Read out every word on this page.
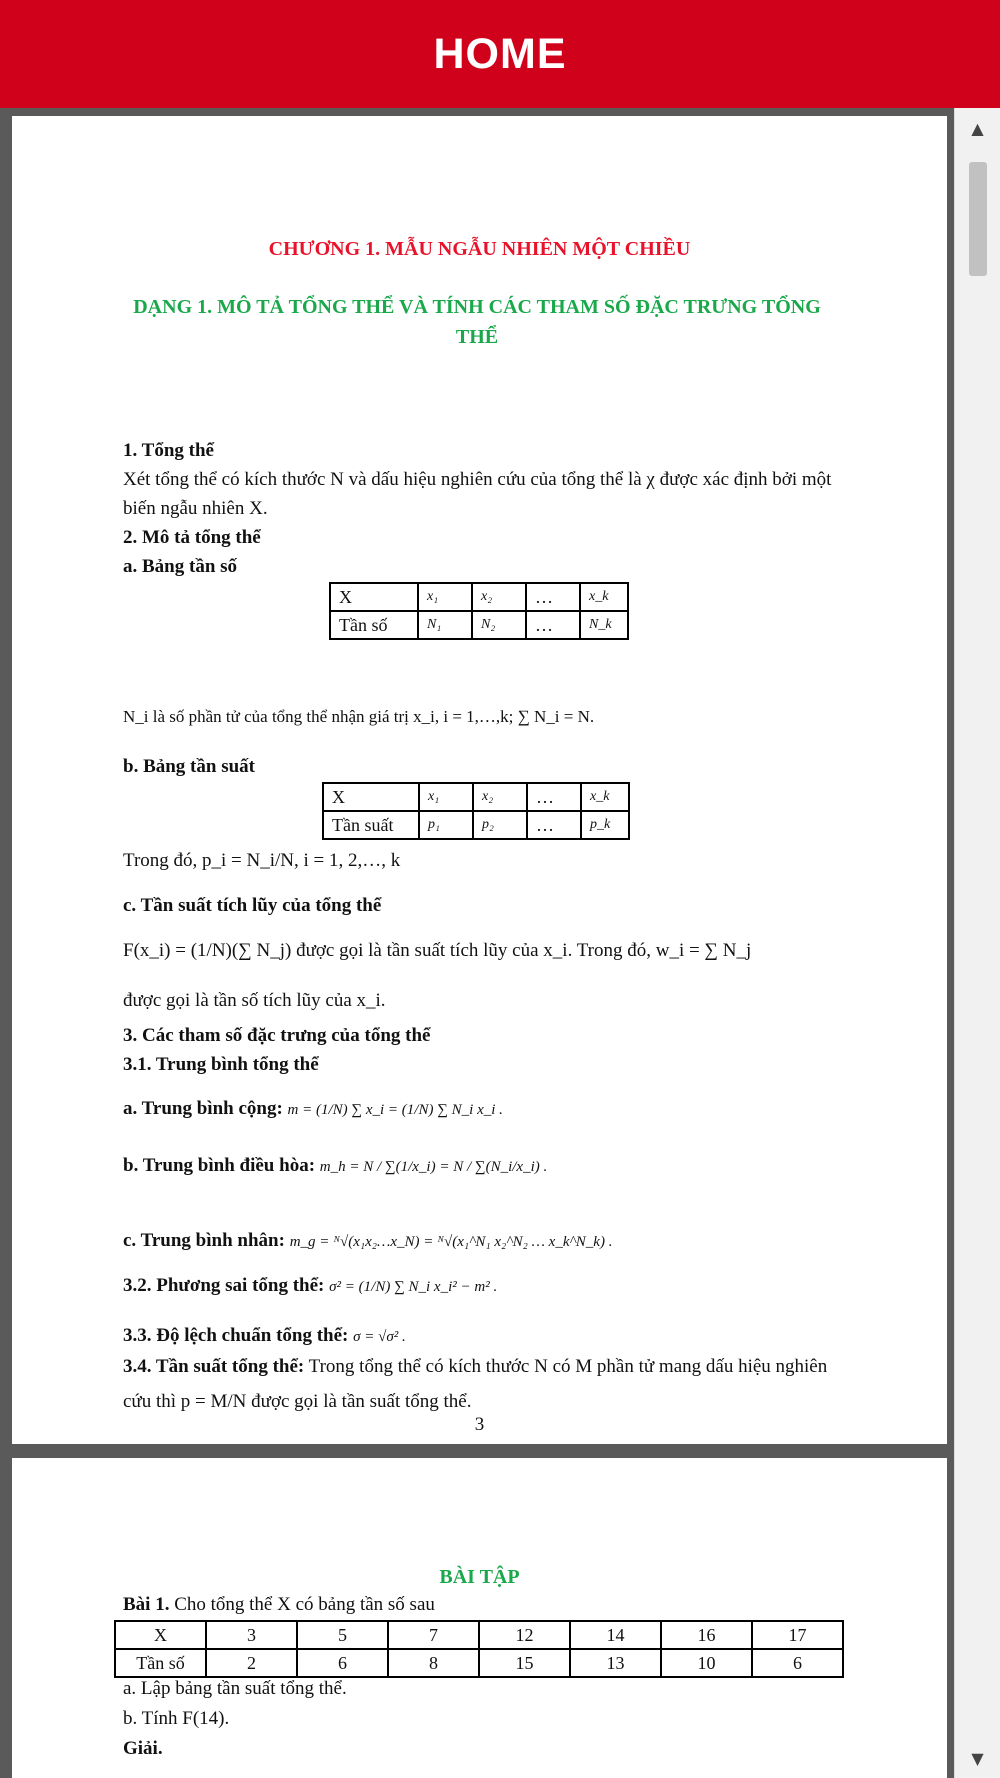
HOME
CHƯƠNG 1. MẪU NGẪU NHIÊN MỘT CHIỀU
DẠNG 1. MÔ TẢ TỔNG THỂ VÀ TÍNH CÁC THAM SỐ ĐẶC TRƯNG TỔNG THỂ
1. Tổng thể
Xét tổng thể có kích thước N và dấu hiệu nghiên cứu của tổng thể là χ được xác định bởi một biến ngẫu nhiên X.
2. Mô tả tổng thể
a. Bảng tần số
X	x₁	x₂	…	x_k
Tần số	N₁	N₂	…	N_k
N_i là số phần tử của tổng thể nhận giá trị x_i, i = 1,…,k; ∑ N_i = N.
b. Bảng tần suất
X	x₁	x₂	…	x_k
Tần suất	p₁	p₂	…	p_k
Trong đó, p_i = N_i/N, i = 1, 2,…, k
c. Tần suất tích lũy của tổng thể
F(x_i) = (1/N)(∑ N_j) được gọi là tần suất tích lũy của x_i. Trong đó, w_i = ∑ N_j
được gọi là tần số tích lũy của x_i.
3. Các tham số đặc trưng của tổng thể
3.1. Trung bình tổng thể
a. Trung bình cộng: m = (1/N) ∑ x_i = (1/N) ∑ N_i x_i .
b. Trung bình điều hòa: m_h = N / ∑(1/x_i) = N / ∑(N_i/x_i) .
c. Trung bình nhân: m_g = ᴺ√(x₁x₂…x_N) = ᴺ√(x₁^N₁ x₂^N₂ … x_k^N_k) .
3.2. Phương sai tổng thể: σ² = (1/N) ∑ N_i x_i² − m² .
3.3. Độ lệch chuẩn tổng thể: σ = √σ² .
3.4. Tần suất tổng thể: Trong tổng thể có kích thước N có M phần tử mang dấu hiệu nghiên cứu thì p = M/N được gọi là tần suất tổng thể.
3
BÀI TẬP
Bài 1. Cho tổng thể X có bảng tần số sau
X	3	5	7	12	14	16	17
Tần số	2	6	8	15	13	10	6
a. Lập bảng tần suất tổng thể.
b. Tính F(14).
Giải.
▲
▼
